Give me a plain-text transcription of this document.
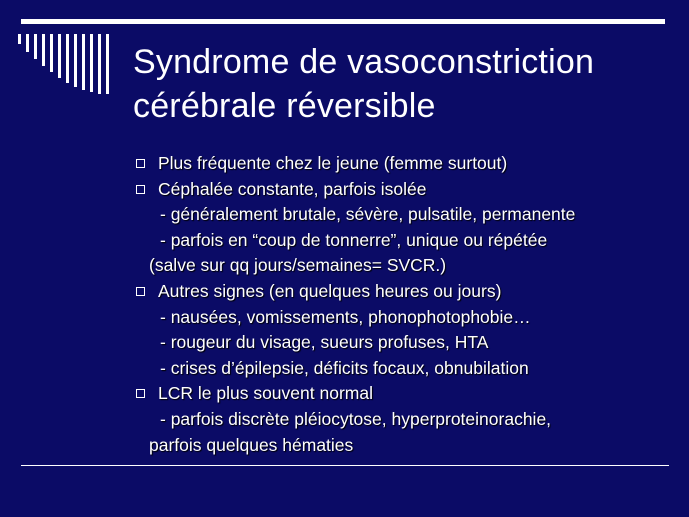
Syndrome de vasoconstriction
cérébrale réversible
Plus fréquente chez le jeune (femme surtout)
Céphalée constante, parfois isolée
- généralement brutale, sévère, pulsatile, permanente
- parfois en “coup de tonnerre”, unique ou répétée
(salve sur qq jours/semaines= SVCR.)
Autres signes (en quelques heures ou jours)
- nausées, vomissements, phonophotophobie…
- rougeur du visage, sueurs profuses, HTA
- crises d’épilepsie, déficits focaux, obnubilation
LCR le plus souvent normal
- parfois discrète pléiocytose, hyperproteinorachie,
parfois quelques hématies
